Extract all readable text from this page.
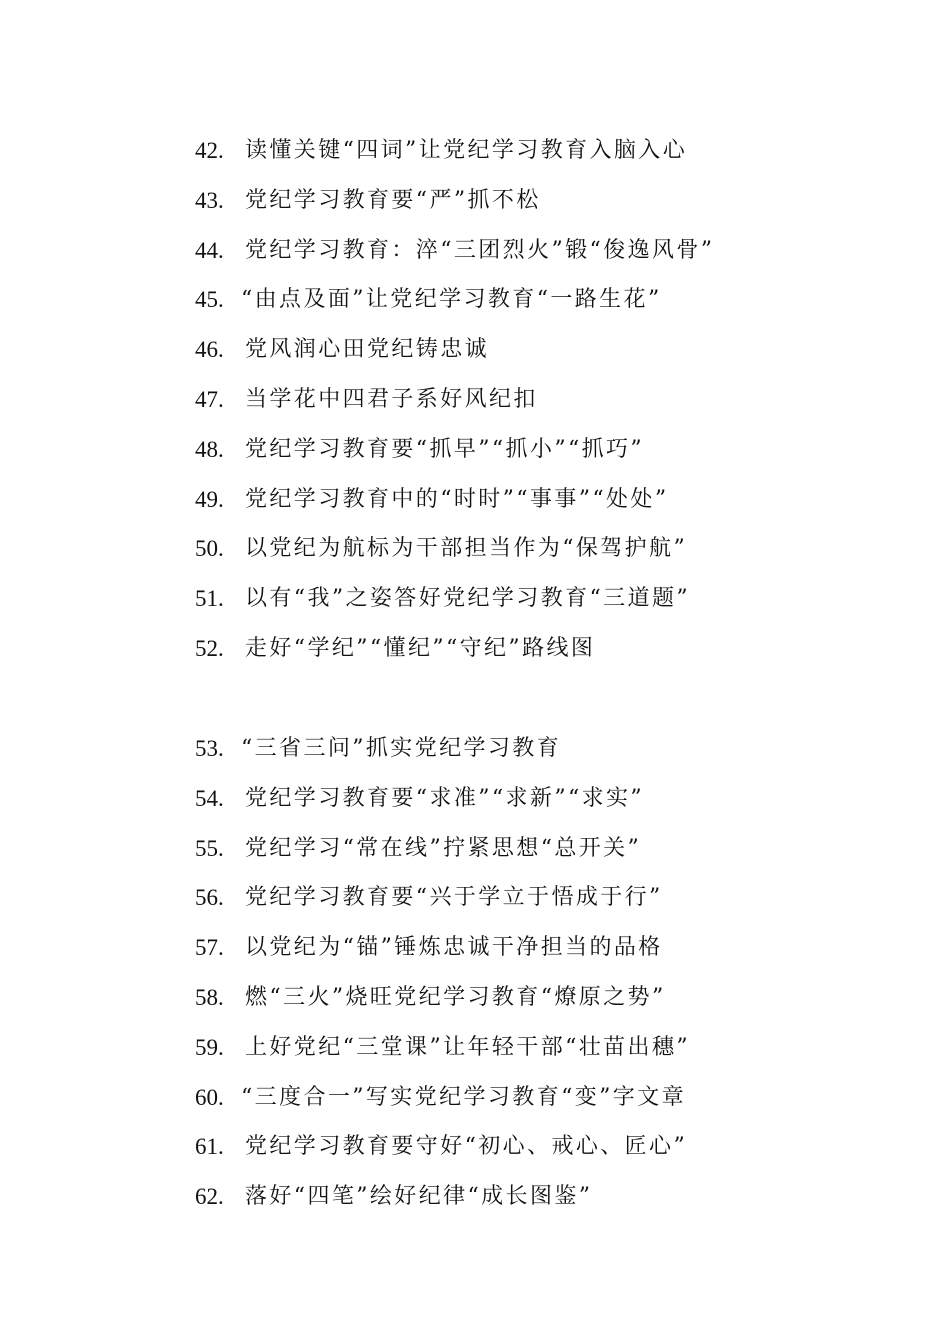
42. 读懂关键“四词”让党纪学习教育入脑入心
43. 党纪学习教育要“严”抓不松
44. 党纪学习教育：淬“三团烈火”锻“俊逸风骨”
45. “由点及面”让党纪学习教育“一路生花”
46. 党风润心田党纪铸忠诚
47. 当学花中四君子系好风纪扣
48. 党纪学习教育要“抓早”“抓小”“抓巧”
49. 党纪学习教育中的“时时”“事事”“处处”
50. 以党纪为航标为干部担当作为“保驾护航”
51. 以有“我”之姿答好党纪学习教育“三道题”
52. 走好“学纪”“懂纪”“守纪”路线图
53. “三省三问”抓实党纪学习教育
54. 党纪学习教育要“求准”“求新”“求实”
55. 党纪学习“常在线”拧紧思想“总开关”
56. 党纪学习教育要“兴于学立于悟成于行”
57. 以党纪为“锚”锤炼忠诚干净担当的品格
58. 燃“三火”烧旺党纪学习教育“燎原之势”
59. 上好党纪“三堂课”让年轻干部“壮苗出穗”
60. “三度合一”写实党纪学习教育“变”字文章
61. 党纪学习教育要守好“初心、戒心、匠心”
62. 落好“四笔”绘好纪律“成长图鉴”
